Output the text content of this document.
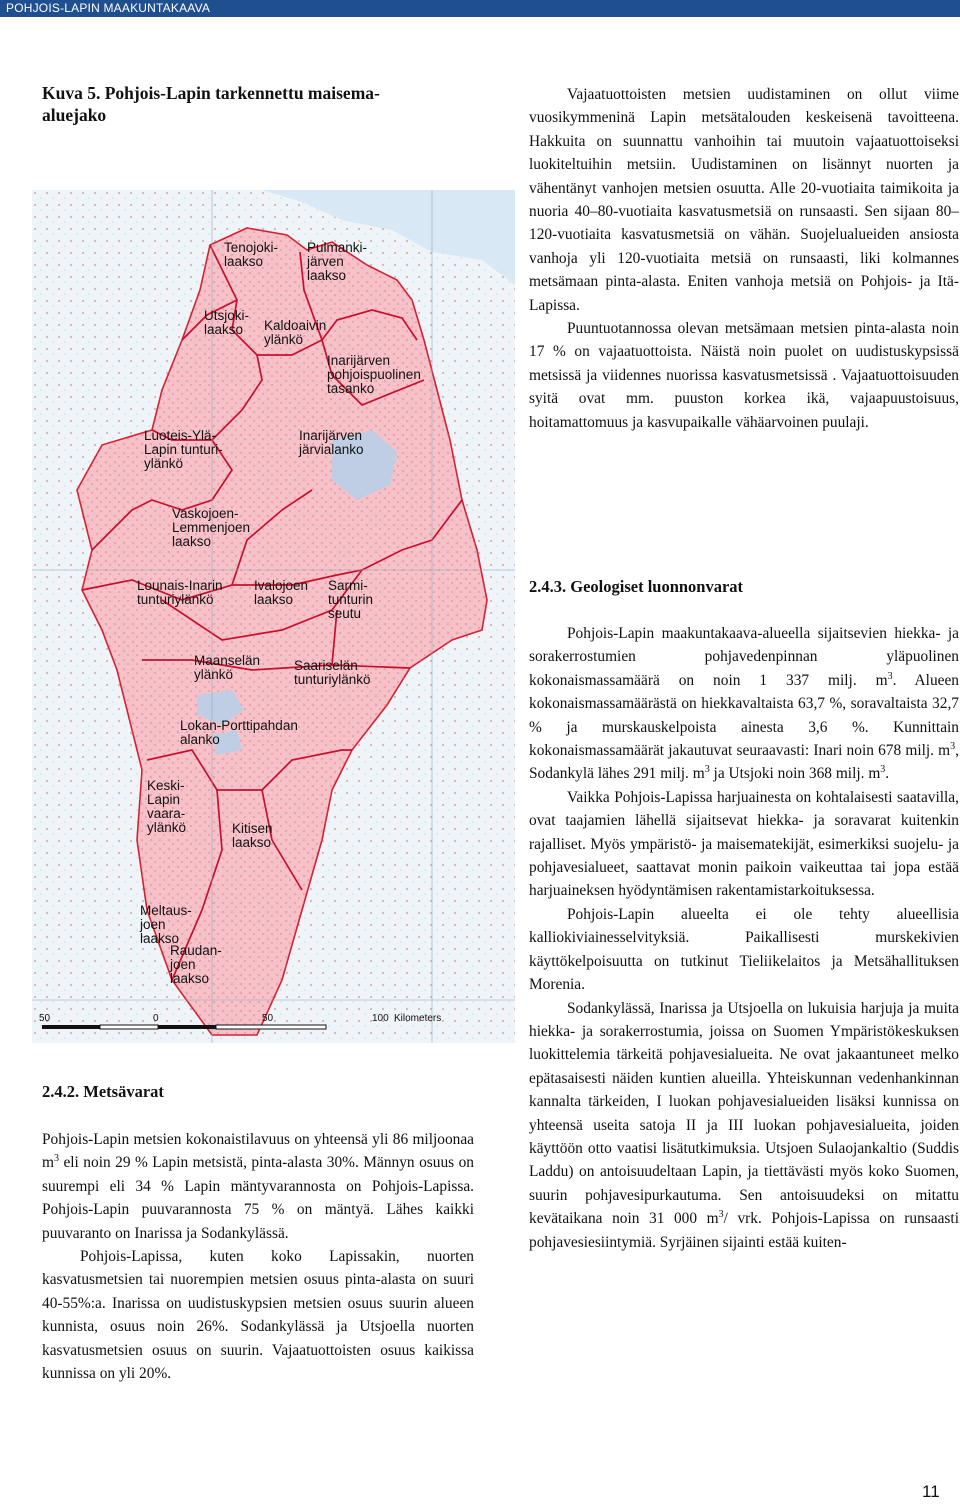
POHJOIS-LAPIN MAAKUNTAKAAVA
Kuva 5. Pohjois-Lapin tarkennettu maisema-
aluejako
Tenojoki-laakso
Pulmanki-järven laakso
Utsjoki-laakso	Kaldoaivin ylänkö
Inarijärven pohjoispuolinen tasanko
Luoteis-Ylä-Lapin tunturi-ylänkö
Inarijärven järvialanko
Vaskojoen-Lemmenjoen laakso
Lounais-Inarin tunturiylänkö
Ivalojoen laakso
Sarmi-tunturin seutu
Maanselän ylänkö
Saariselän tunturiylänkö
Lokan-Porttipahdan alanko
Keski-Lapin vaara-ylänkö	Kitisen laakso
Meltaus-joen laakso
Raudan-joen laakso
50	0	50	100 Kilometers

Vajaatuottoisten metsien uudistaminen on ollut viime vuosikymmeninä Lapin metsätalouden keskeisenä tavoitteena. Hakkuita on suunnattu vanhoihin tai muutoin vajaatuottoiseksi luokiteltuihin metsiin. Uudistaminen on lisännyt nuorten ja vähentänyt vanhojen metsien osuutta. Alle 20-vuotiaita taimikoita ja nuoria 40–80-vuotiaita kasvatusmetsiä on runsaasti. Sen sijaan 80–120-vuotiaita kasvatusmetsiä on vähän. Suojelualueiden ansiosta vanhoja yli 120-vuotiaita metsiä on runsaasti, liki kolmannes metsämaan pinta-alasta. Eniten vanhoja metsiä on Pohjois- ja Itä-Lapissa.

Puuntuotannossa olevan metsämaan metsien pinta-alasta noin 17 % on vajaatuottoista. Näistä noin puolet on uudistuskypsissä metsissä ja viidennes nuorissa kasvatusmetsissä . Vajaatuottoisuuden syitä ovat mm. puuston korkea ikä, vajaapuustoisuus, hoitamattomuus ja kasvupaikalle vähäarvoinen puulaji.

2.4.3. Geologiset luonnonvarat

Pohjois-Lapin maakuntakaava-alueella sijaitsevien hiekka- ja sorakerrostumien pohjavedenpinnan yläpuolinen kokonaismassamäärä on noin 1 337 milj. $m^3$. Alueen kokonaismassamäärästä on hiekkavaltaista 63,7 %, soravaltaista 32,7 % ja murskauskelpoista ainesta 3,6 %. Kunnittain kokonaismassamäärät jakautuvat seuraavasti: Inari noin 678 milj. $m^3$, Sodankylä lähes 291 milj. $m^3$ ja Utsjoki noin 368 milj. $m^3$.

Vaikka Pohjois-Lapissa harjuainesta on kohtalaisesti saatavilla, ovat taajamien lähellä sijaitsevat hiekka- ja soravarat kuitenkin rajalliset. Myös ympäristö- ja maisematekijät, esimerkiksi suojelu- ja pohjavesialueet, saattavat monin paikoin vaikeuttaa tai jopa estää harjuaineksen hyödyntämisen rakentamistarkoituksessa.

Pohjois-Lapin alueelta ei ole tehty alueellisia kalliokiviainesselvityksiä. Paikallisesti murskekivien käyttökelpoisuutta on tutkinut Tieliikelaitos ja Metsähallituksen Morenia.

Sodankylässä, Inarissa ja Utsjoella on lukuisia harjuja ja muita hiekka- ja sorakerrostumia, joissa on Suomen Ympäristökeskuksen luokittelemia tärkeitä pohjavesialueita. Ne ovat jakaantuneet melko epätasaisesti näiden kuntien alueilla. Yhteiskunnan vedenhankinnan kannalta tärkeiden, I luokan pohjavesialueiden lisäksi kunnissa on yhteensä useita satoja II ja III luokan pohjavesialueita, joiden käyttöön otto vaatisi lisätutkimuksia. Utsjoen Sulaojankaltio (Suddis Laddu) on antoisuudeltaan Lapin, ja tiettävästi myös koko Suomen, suurin pohjavesipurkautuma. Sen antoisuudeksi on mitattu kevätaikana noin 31 000 $m^3/$ vrk. Pohjois-Lapissa on runsaasti pohjavesiesiintymiä. Syrjäinen sijainti estää kuiten-

2.4.2. Metsävarat

Pohjois-Lapin metsien kokonaistilavuus on yhteensä yli 86 miljoonaa $m^3$ eli noin 29 % Lapin metsistä, pinta-alasta 30%. Männyn osuus on suurempi eli 34 % Lapin mäntyvarannosta on Pohjois-Lapissa. Pohjois-Lapin puuvarannosta 75 % on mäntyä. Lähes kaikki puuvaranto on Inarissa ja Sodankylässä.

Pohjois-Lapissa, kuten koko Lapissakin, nuorten kasvatusmetsien tai nuorempien metsien osuus pinta-alasta on suuri 40-55%:a. Inarissa on uudistuskypsien metsien osuus suurin alueen kunnista, osuus noin 26%. Sodankylässä ja Utsjoella nuorten kasvatusmetsien osuus on suurin. Vajaatuottoisten osuus kaikissa kunnissa on yli 20%.

11
